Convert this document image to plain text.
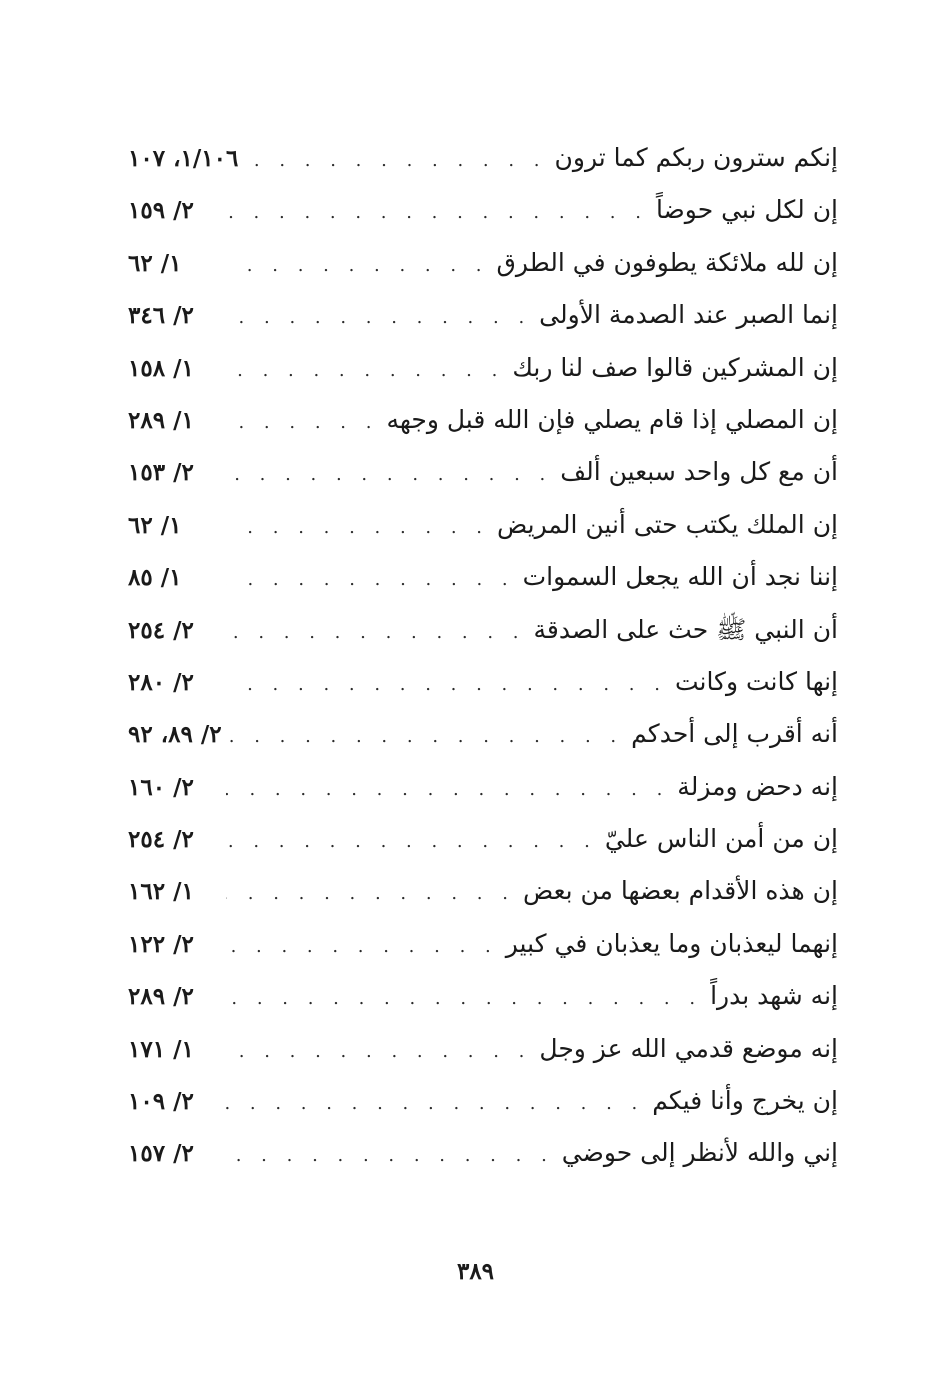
إنكم سترون ربكم كما ترون
. . .
١/١٠٦، ١٠٧
إن لكل نبي حوضاً
. . .
٢/ ١٥٩
إن لله ملائكة يطوفون في الطرق
. . .
١/ ٦٢
إنما الصبر عند الصدمة الأولى
. . .
٢/ ٣٤٦
إن المشركين قالوا صف لنا ربك
. . .
١/ ١٥٨
إن المصلي إذا قام يصلي فإن الله قبل وجهه
. . .
١/ ٢٨٩
أن مع كل واحد سبعين ألف
. . .
٢/ ١٥٣
إن الملك يكتب حتى أنين المريض
. . .
١/ ٦٢
إننا نجد أن الله يجعل السموات
. . .
١/ ٨٥
أن النبي ﷺ حث على الصدقة
. . .
٢/ ٢٥٤
إنها كانت وكانت
. . .
٢/ ٢٨٠
أنه أقرب إلى أحدكم
. . .
٢/ ٨٩، ٩٢
إنه دحض ومزلة
. . .
٢/ ١٦٠
إن من أمن الناس عليّ
. . .
٢/ ٢٥٤
إن هذه الأقدام بعضها من بعض
. . .
١/ ١٦٢
إنهما ليعذبان وما يعذبان في كبير
. . .
٢/ ١٢٢
إنه شهد بدراً
. . .
٢/ ٢٨٩
إنه موضع قدمي الله عز وجل
. . .
١/ ١٧١
إن يخرج وأنا فيكم
. . .
٢/ ١٠٩
إني والله لأنظر إلى حوضي
. . .
٢/ ١٥٧
٣٨٩
